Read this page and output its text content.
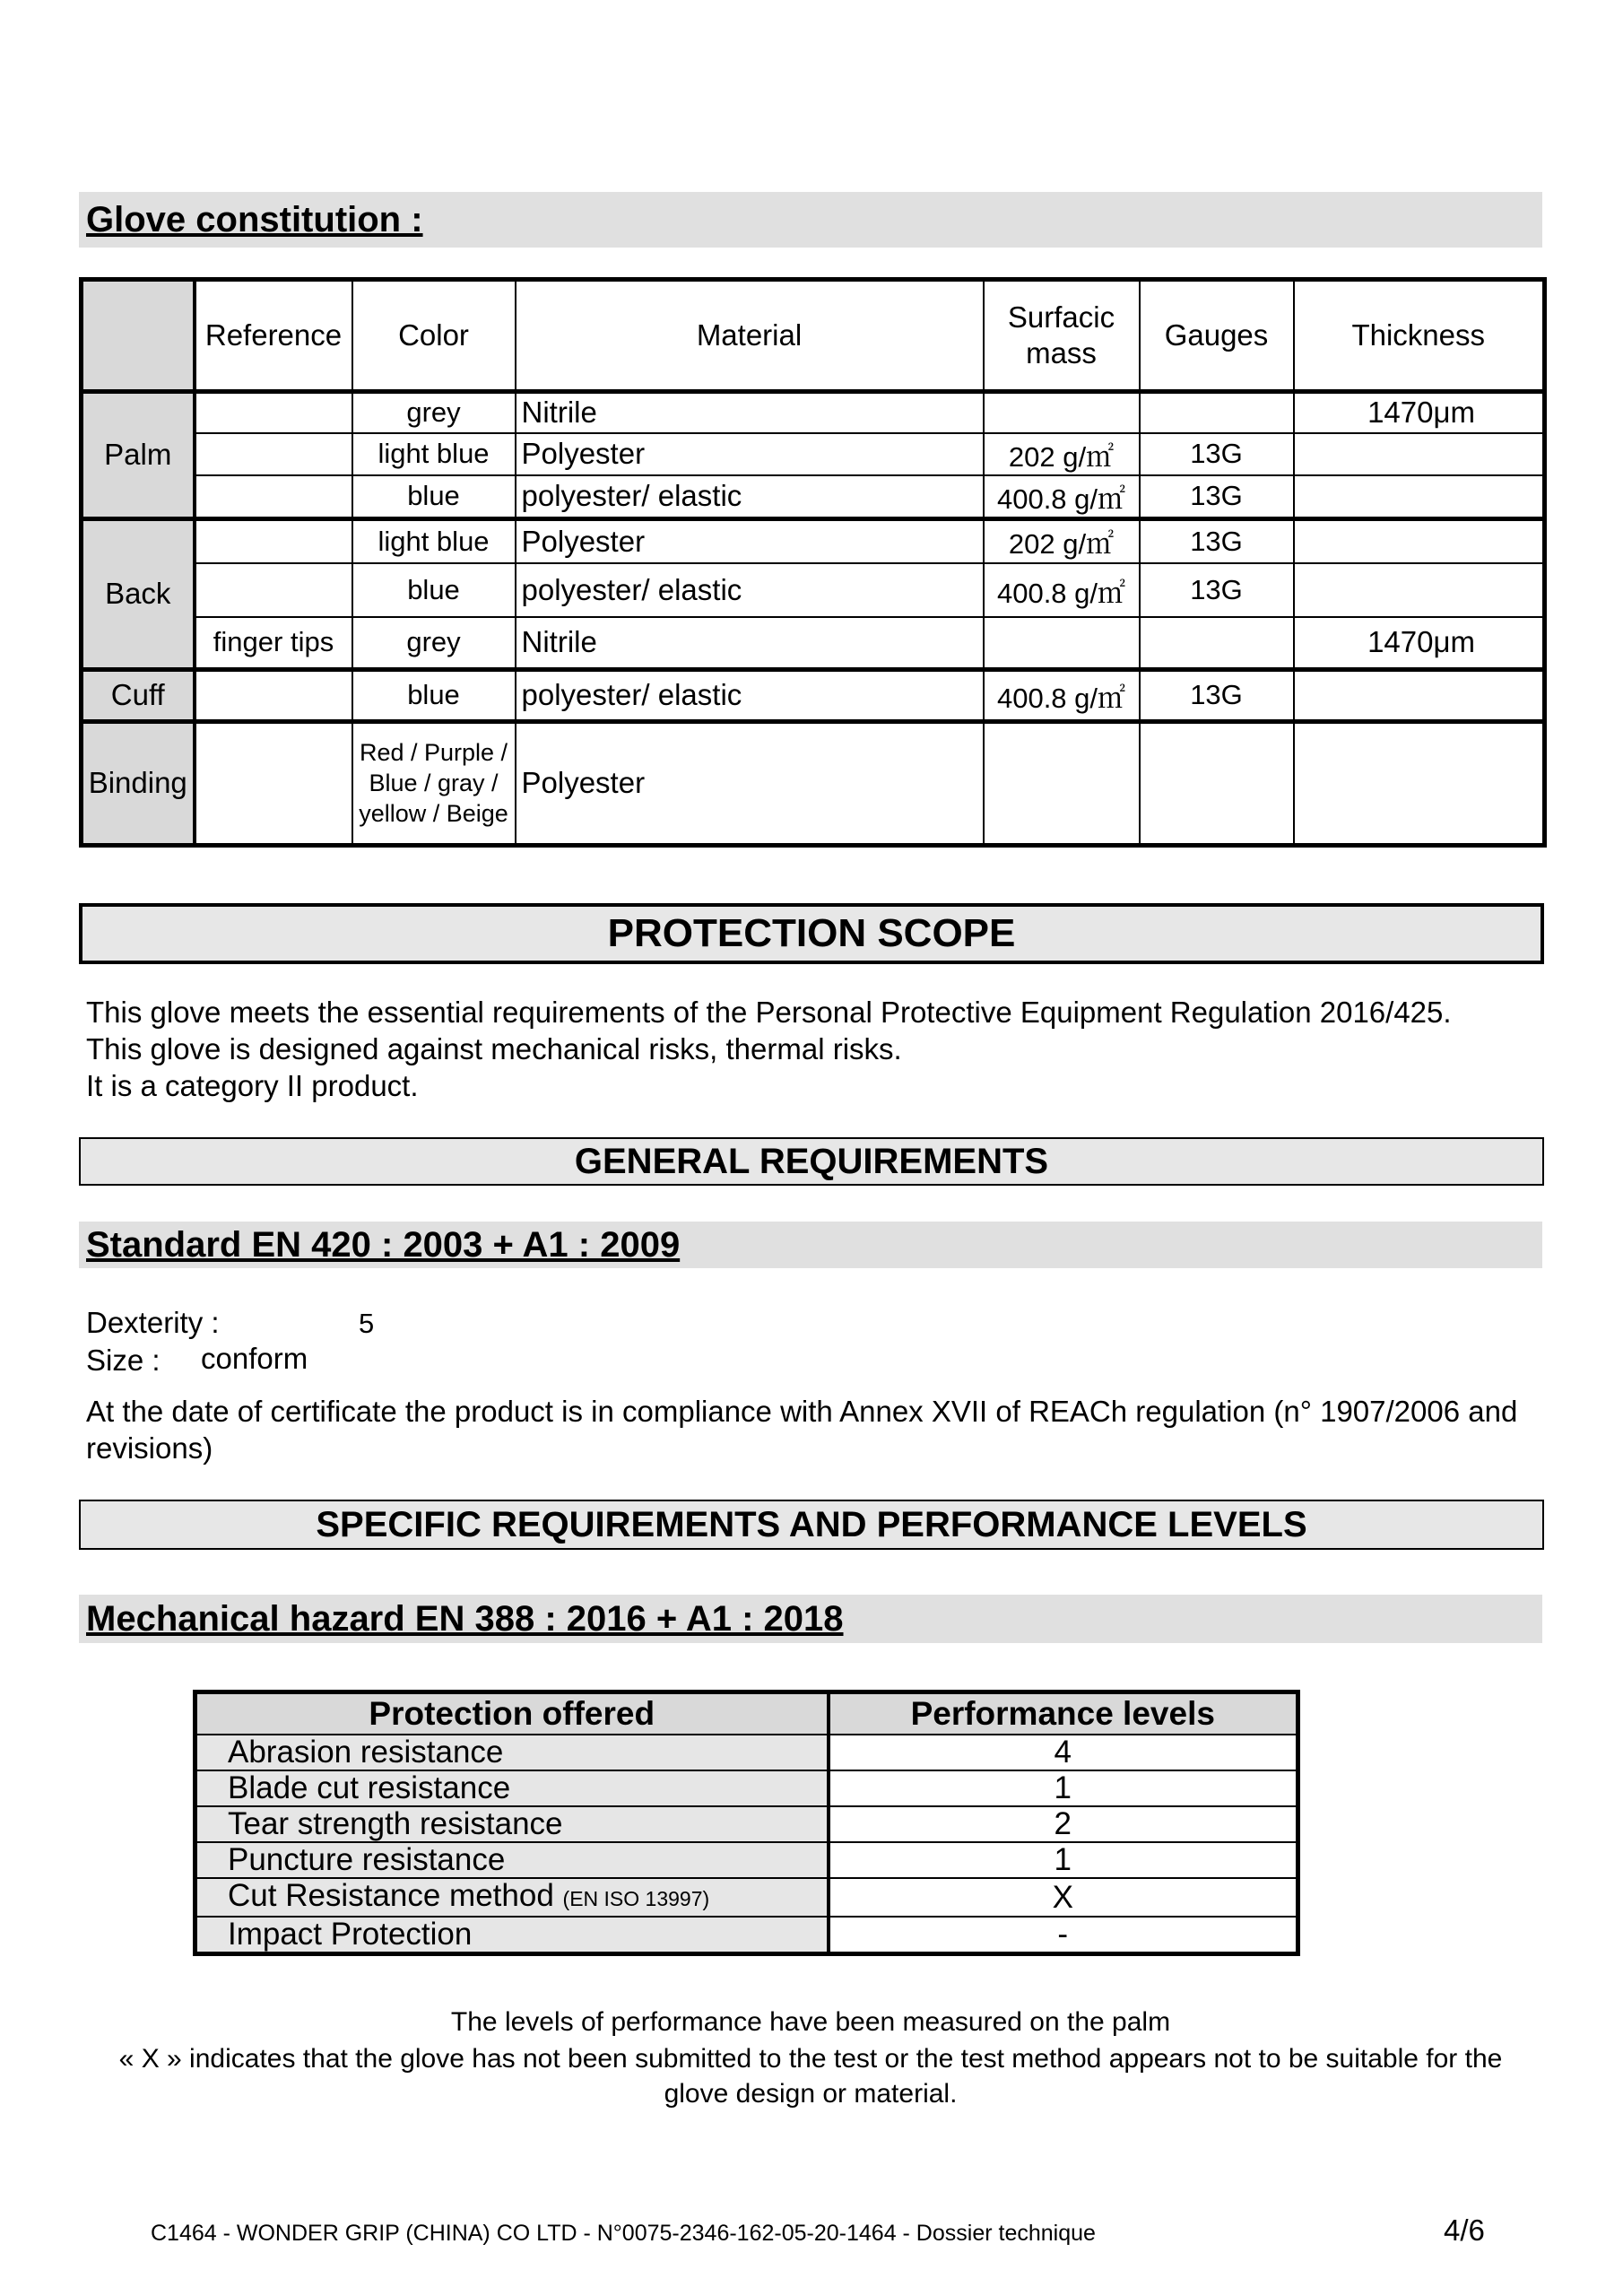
Glove constitution :
	Reference	Color	Material	Surfacic
mass	Gauges	Thickness
Palm		grey	Nitrile			1470μm
		light blue	Polyester	202 g/㎡	13G	
		blue	polyester/ elastic	400.8 g/㎡	13G	
Back		light blue	Polyester	202 g/㎡	13G	
		blue	polyester/ elastic	400.8 g/㎡	13G	
	finger tips	grey	Nitrile			1470μm
Cuff		blue	polyester/ elastic	400.8 g/㎡	13G	
Binding		Red / Purple / Blue / gray / yellow / Beige	Polyester			
PROTECTION SCOPE
This glove meets the essential requirements of the Personal Protective Equipment Regulation 2016/425.
This glove is designed against mechanical risks, thermal risks.
It is a category II product.
GENERAL REQUIREMENTS
Standard EN 420 : 2003 + A1 : 2009
Dexterity :	5
Size : conform
At the date of certificate the product is in compliance with Annex XVII of REACh regulation (n° 1907/2006 and
revisions)
SPECIFIC REQUIREMENTS AND PERFORMANCE LEVELS
Mechanical hazard EN 388 : 2016 + A1 : 2018
Protection offered	Performance levels
Abrasion resistance	4
Blade cut resistance	1
Tear strength resistance	2
Puncture resistance	1
Cut Resistance method (EN ISO 13997)	X
Impact Protection	-
The levels of performance have been measured on the palm
« X » indicates that the glove has not been submitted to the test or the test method appears not to be suitable for the
glove design or material.
C1464 - WONDER GRIP (CHINA) CO LTD - N°0075-2346-162-05-20-1464 - Dossier technique	4/6
